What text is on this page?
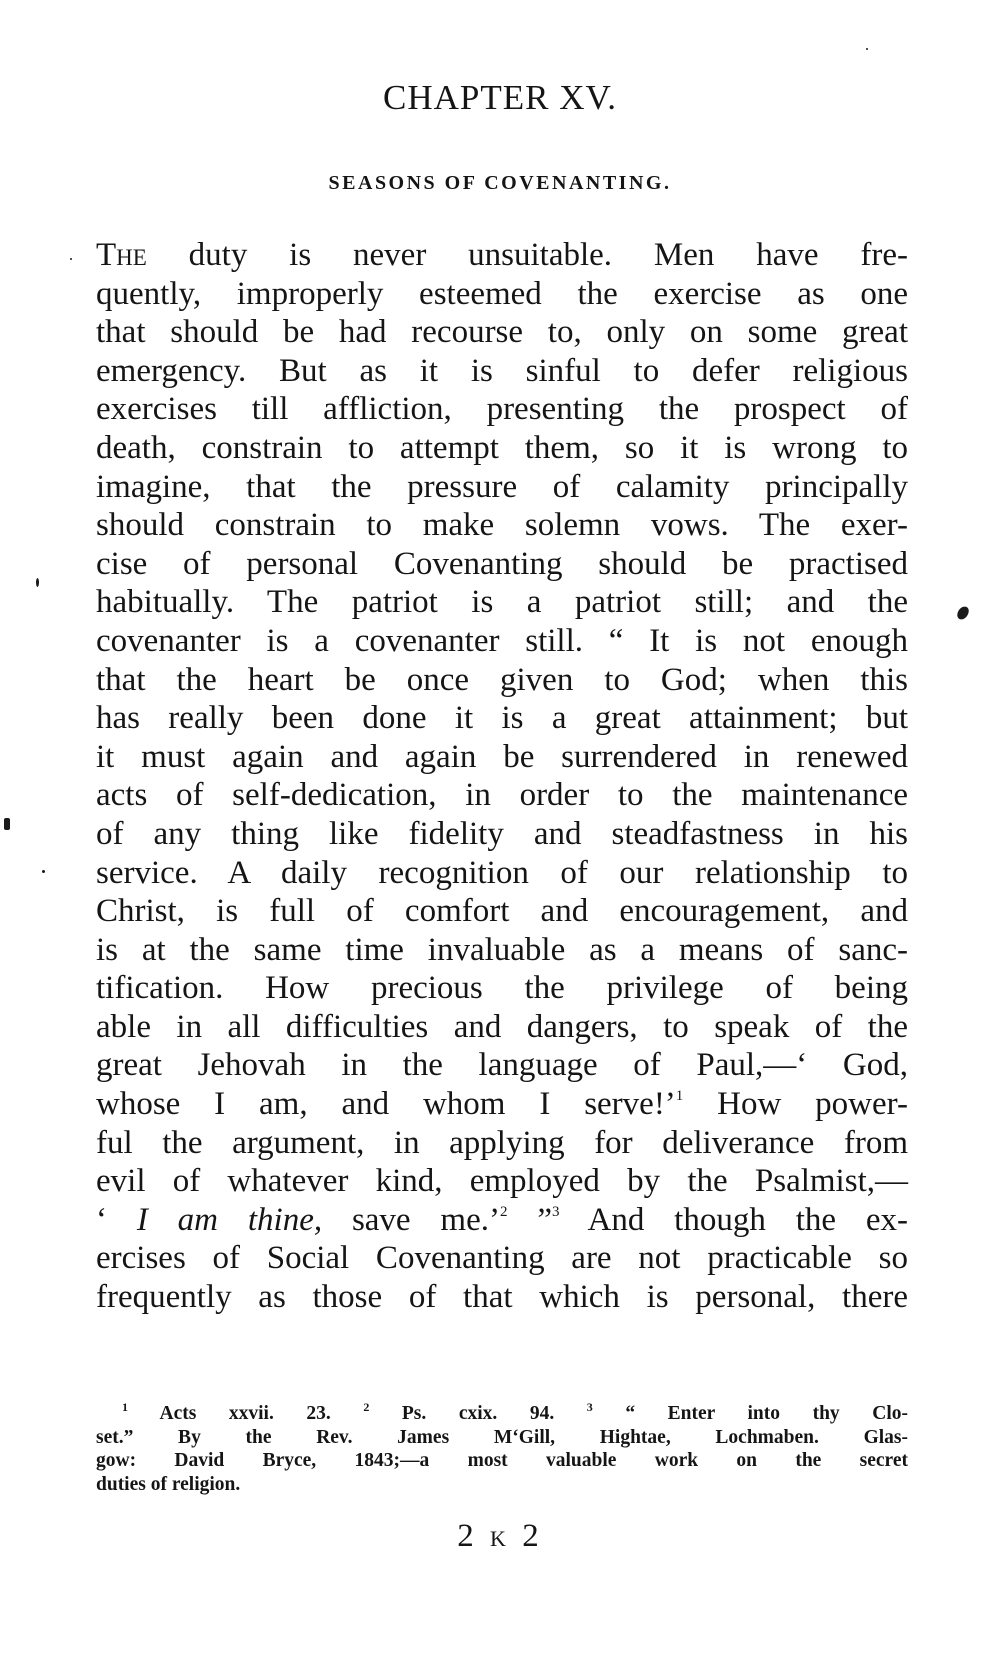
CHAPTER XV.
SEASONS OF COVENANTING.
The duty is never unsuitable. Men have fre-
quently, improperly esteemed the exercise as one
that should be had recourse to, only on some great
emergency. But as it is sinful to defer religious
exercises till affliction, presenting the prospect of
death, constrain to attempt them, so it is wrong to
imagine, that the pressure of calamity principally
should constrain to make solemn vows. The exer-
cise of personal Covenanting should be practised
habitually. The patriot is a patriot still; and the
covenanter is a covenanter still. “ It is not enough
that the heart be once given to God; when this
has really been done it is a great attainment; but
it must again and again be surrendered in renewed
acts of self-dedication, in order to the maintenance
of any thing like fidelity and steadfastness in his
service. A daily recognition of our relationship to
Christ, is full of comfort and encouragement, and
is at the same time invaluable as a means of sanc-
tification. How precious the privilege of being
able in all difficulties and dangers, to speak of the
great Jehovah in the language of Paul,—‘ God,
whose I am, and whom I serve!’$^1$ How power-
ful the argument, in applying for deliverance from
evil of whatever kind, employed by the Psalmist,—
‘ I am thine, save me.’$^2$ ”$^3$ And though the ex-
ercises of Social Covenanting are not practicable so
frequently as those of that which is personal, there
$^1$ Acts xxvii. 23. $^2$ Ps. cxix. 94. $^3$ “ Enter into thy Clo-
set.” By the Rev. James M‘Gill, Hightae, Lochmaben. Glas-
gow: David Bryce, 1843;—a most valuable work on the secret
duties of religion.
2 K 2
